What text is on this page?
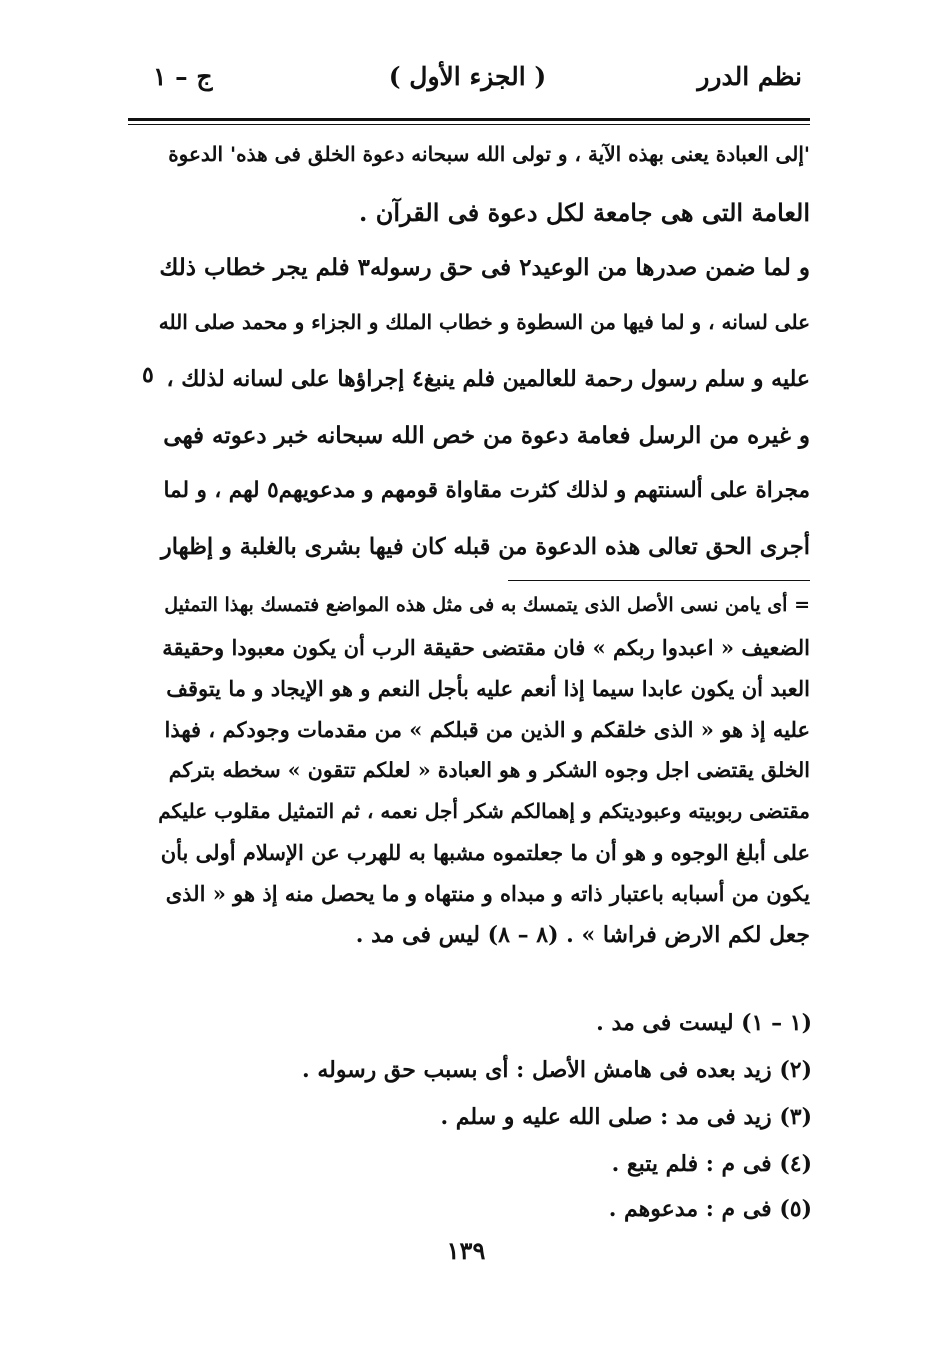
نظم الدرر
( الجزء الأول )
ج – ١
'إلى العبادة يعنى بهذه الآية ، و تولى الله سبحانه دعوة الخلق فى هذه' الدعوة
العامة التى هى جامعة لكل دعوة فى القرآن .
و لما ضمن صدرها من الوعيد٢ فى حق رسوله٣ فلم يجر خطاب ذلك
على لسانه ، و لما فيها من السطوة و خطاب الملك و الجزاء و محمد صلى الله
عليه و سلم رسول رحمة للعالمين فلم ينبغ٤ إجراؤها على لسانه لذلك ،
و غيره من الرسل فعامة دعوة من خص الله سبحانه خبر دعوته فهى
مجراة على ألسنتهم و لذلك كثرت مقاواة قومهم و مدعويهم٥ لهم ، و لما
أجرى الحق تعالى هذه الدعوة من قبله كان فيها بشرى بالغلبة و إظهار
٥
= أى يامن نسى الأصل الذى يتمسك به فى مثل هذه المواضع فتمسك بهذا التمثيل
الضعيف « اعبدوا ربكم » فان مقتضى حقيقة الرب أن يكون معبودا وحقيقة
العبد أن يكون عابدا سيما إذا أنعم عليه بأجل النعم و هو الإيجاد و ما يتوقف
عليه إذ هو « الذى خلقكم و الذين من قبلكم » من مقدمات وجودكم ، فهذا
الخلق يقتضى اجل وجوه الشكر و هو العبادة « لعلكم تتقون » سخطه بتركم
مقتضى ربوبيته وعبوديتكم و إهمالكم شكر أجل نعمه ، ثم التمثيل مقلوب عليكم
على أبلغ الوجوه و هو أن ما جعلتموه مشبها به للهرب عن الإسلام أولى بأن
يكون من أسبابه باعتبار ذاته و مبداه و منتهاه و ما يحصل منه إذ هو « الذى
جعل لكم الارض فراشا » . (٨ – ٨) ليس فى مد .
(١ – ١) ليست فى مد .
(٢) زيد بعده فى هامش الأصل : أى بسبب حق رسوله .
(٣) زيد فى مد : صلى الله عليه و سلم .
(٤) فى م : فلم يتبع .
(٥) فى م : مدعوهم .
١٣٩
